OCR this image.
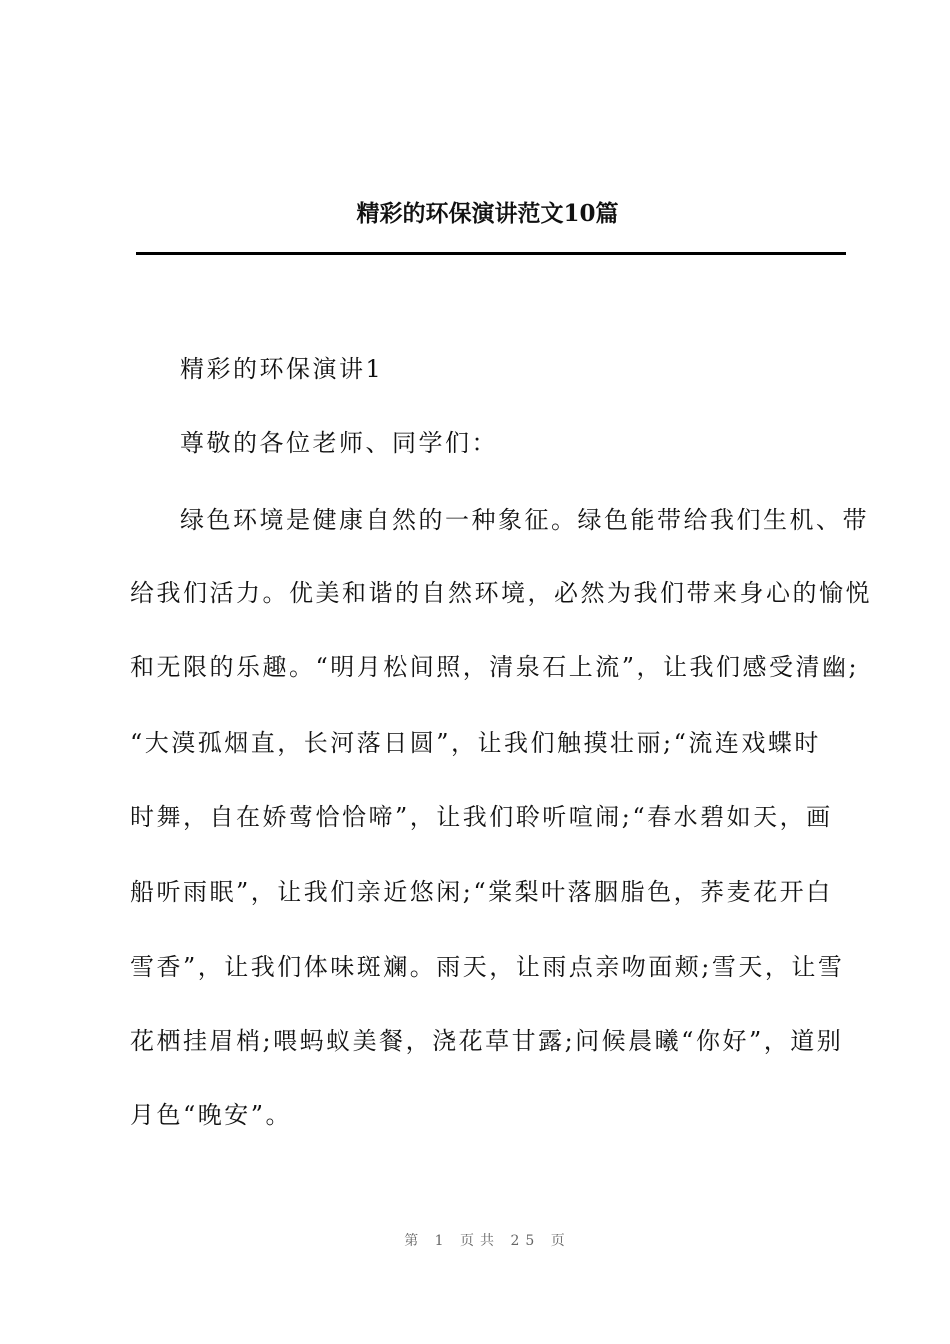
精彩的环保演讲范文10篇
精彩的环保演讲1
尊敬的各位老师、同学们：
绿色环境是健康自然的一种象征。绿色能带给我们生机、带
给我们活力。优美和谐的自然环境，必然为我们带来身心的愉悦
和无限的乐趣。“明月松间照，清泉石上流”，让我们感受清幽;
“大漠孤烟直，长河落日圆”，让我们触摸壮丽;“流连戏蝶时
时舞，自在娇莺恰恰啼”，让我们聆听喧闹;“春水碧如天，画
船听雨眠”，让我们亲近悠闲;“棠梨叶落胭脂色，荞麦花开白
雪香”，让我们体味斑斓。雨天，让雨点亲吻面颊;雪天，让雪
花栖挂眉梢;喂蚂蚁美餐，浇花草甘露;问候晨曦“你好”，道别
月色“晚安”。
第 1 页共 25 页
